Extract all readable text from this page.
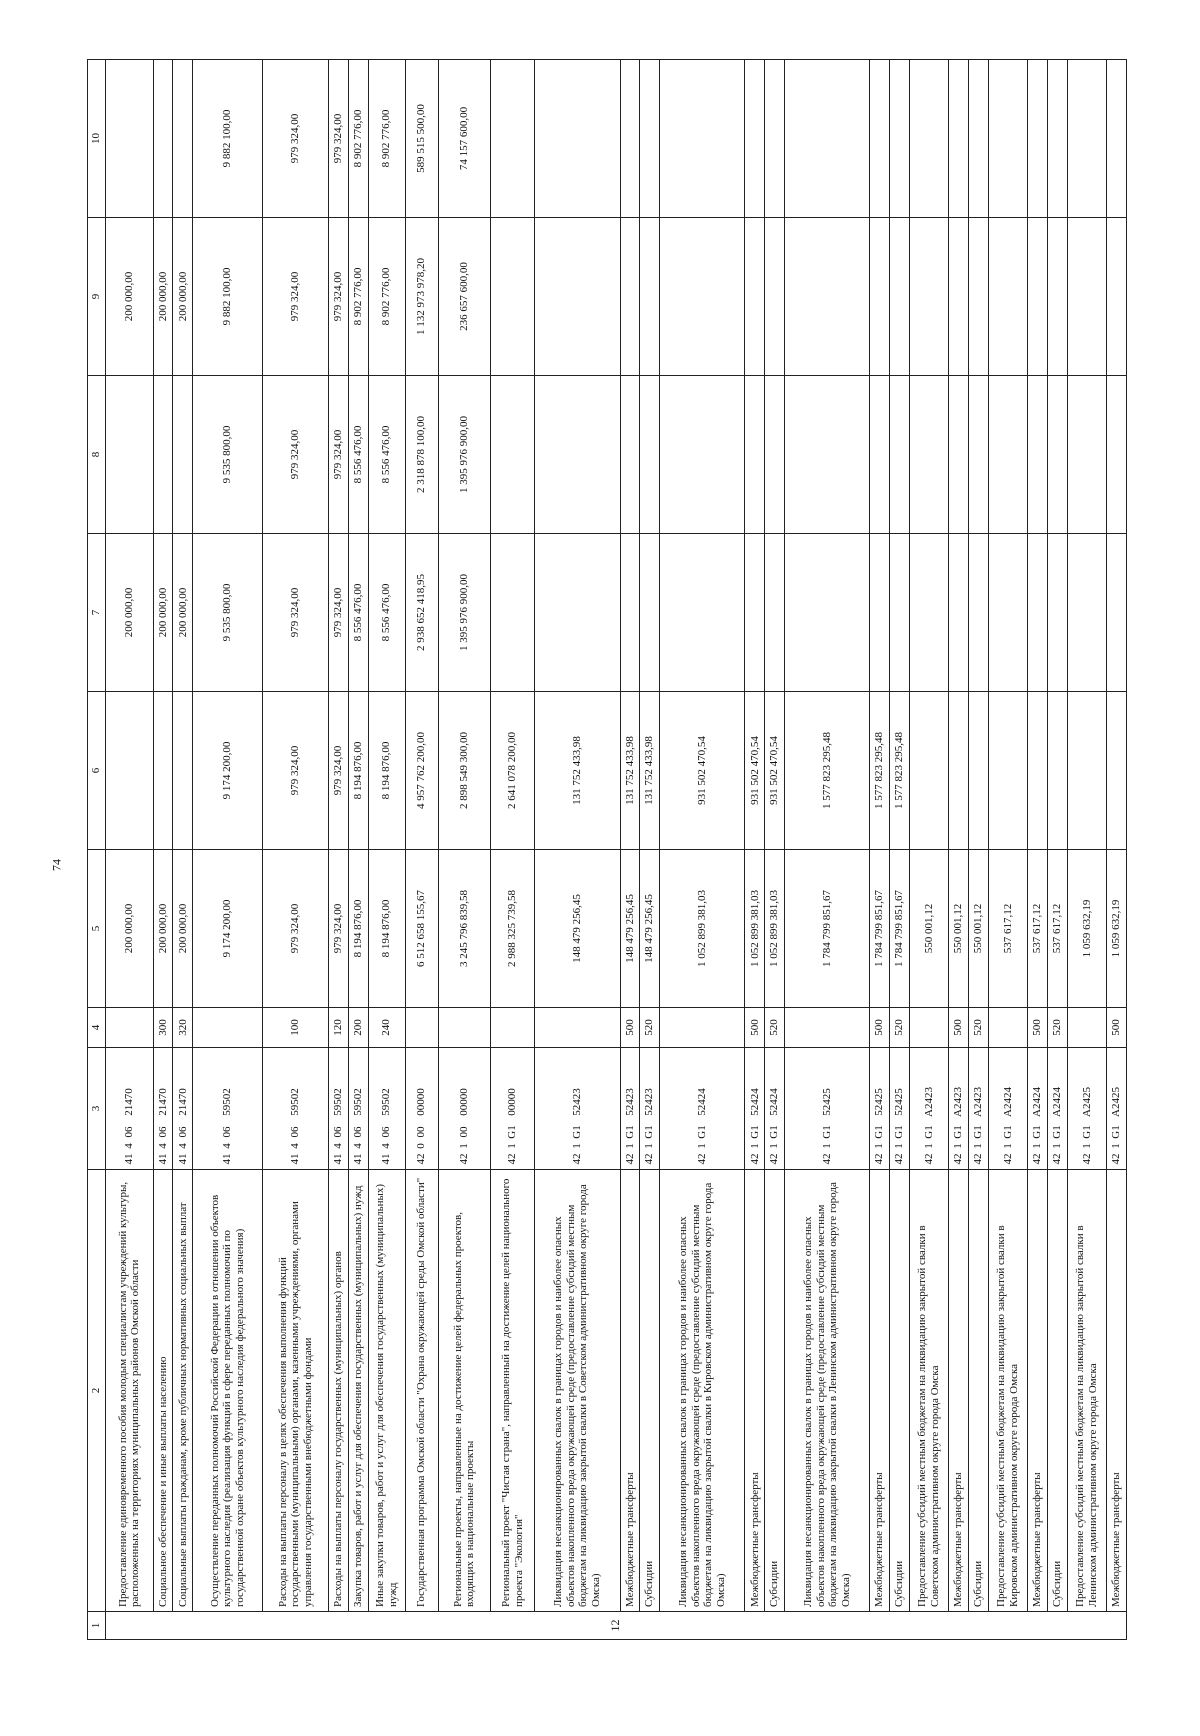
74
1	2	3	4	5	6	7	8	9	10
12	Предоставление единовременного пособия молодым специалистам учреждений культуры, расположенных на территориях муниципальных районов Омской области	4140621470		200 000,00		200 000,00		200 000,00	
	Социальное обеспечение и иные выплаты населению	4140621470	300	200 000,00		200 000,00		200 000,00	
	Социальные выплаты гражданам, кроме публичных нормативных социальных выплат	4140621470	320	200 000,00		200 000,00		200 000,00	
	Осуществление переданных полномочий Российской Федерации в отношении объектов культурного наследия (реализация функций в сфере переданных полномочий по государственной охране объектов культурного наследия федерального значения)	4140659502		9 174 200,00	9 174 200,00	9 535 800,00	9 535 800,00	9 882 100,00	9 882 100,00
	Расходы на выплаты персоналу в целях обеспечения выполнения функций государственными (муниципальными) органами, казенными учреждениями, органами управления государственными внебюджетными фондами	4140659502	100	979 324,00	979 324,00	979 324,00	979 324,00	979 324,00	979 324,00
	Расходы на выплаты персоналу государственных (муниципальных) органов	4140659502	120	979 324,00	979 324,00	979 324,00	979 324,00	979 324,00	979 324,00
	Закупка товаров, работ и услуг для обеспечения государственных (муниципальных) нужд	4140659502	200	8 194 876,00	8 194 876,00	8 556 476,00	8 556 476,00	8 902 776,00	8 902 776,00
	Иные закупки товаров, работ и услуг для обеспечения государственных (муниципальных) нужд	4140659502	240	8 194 876,00	8 194 876,00	8 556 476,00	8 556 476,00	8 902 776,00	8 902 776,00
	Государственная программа Омской области "Охрана окружающей среды Омской области"	4200000000		6 512 658 155,67	4 957 762 200,00	2 938 652 418,95	2 318 878 100,00	1 132 973 978,20	589 515 500,00
	Региональные проекты, направленные на достижение целей федеральных проектов, входящих в национальные проекты	4210000000		3 245 796 839,58	2 898 549 300,00	1 395 976 900,00	1 395 976 900,00	236 657 600,00	74 157 600,00
	Региональный проект "Чистая страна", направленный на достижение целей национального проекта "Экология"	421G100000		2 988 325 739,58	2 641 078 200,00				
	Ликвидация несанкционированных свалок в границах городов и наиболее опасных объектов накопленного вреда окружающей среде (предоставление субсидий местным бюджетам на ликвидацию закрытой свалки в Советском административном округе города Омска)	421G152423		148 479 256,45	131 752 433,98				
	Межбюджетные трансферты	421G152423	500	148 479 256,45	131 752 433,98				
	Субсидии	421G152423	520	148 479 256,45	131 752 433,98				
	Ликвидация несанкционированных свалок в границах городов и наиболее опасных объектов накопленного вреда окружающей среде (предоставление субсидий местным бюджетам на ликвидацию закрытой свалки в Кировском административном округе города Омска)	421G152424		1 052 899 381,03	931 502 470,54				
	Межбюджетные трансферты	421G152424	500	1 052 899 381,03	931 502 470,54				
	Субсидии	421G152424	520	1 052 899 381,03	931 502 470,54				
	Ликвидация несанкционированных свалок в границах городов и наиболее опасных объектов накопленного вреда окружающей среде (предоставление субсидий местным бюджетам на ликвидацию закрытой свалки в Ленинском административном округе города Омска)	421G152425		1 784 799 851,67	1 577 823 295,48				
	Межбюджетные трансферты	421G152425	500	1 784 799 851,67	1 577 823 295,48				
	Субсидии	421G152425	520	1 784 799 851,67	1 577 823 295,48				
	Предоставление субсидий местным бюджетам на ликвидацию закрытой свалки в Советском административном округе города Омска	421G1A2423		550 001,12					
	Межбюджетные трансферты	421G1A2423	500	550 001,12					
	Субсидии	421G1A2423	520	550 001,12					
	Предоставление субсидий местным бюджетам на ликвидацию закрытой свалки в Кировском административном округе города Омска	421G1A2424		537 617,12					
	Межбюджетные трансферты	421G1A2424	500	537 617,12					
	Субсидии	421G1A2424	520	537 617,12					
	Предоставление субсидий местным бюджетам на ликвидацию закрытой свалки в Ленинском административном округе города Омска	421G1A2425		1 059 632,19					
	Межбюджетные трансферты	421G1A2425	500	1 059 632,19					
